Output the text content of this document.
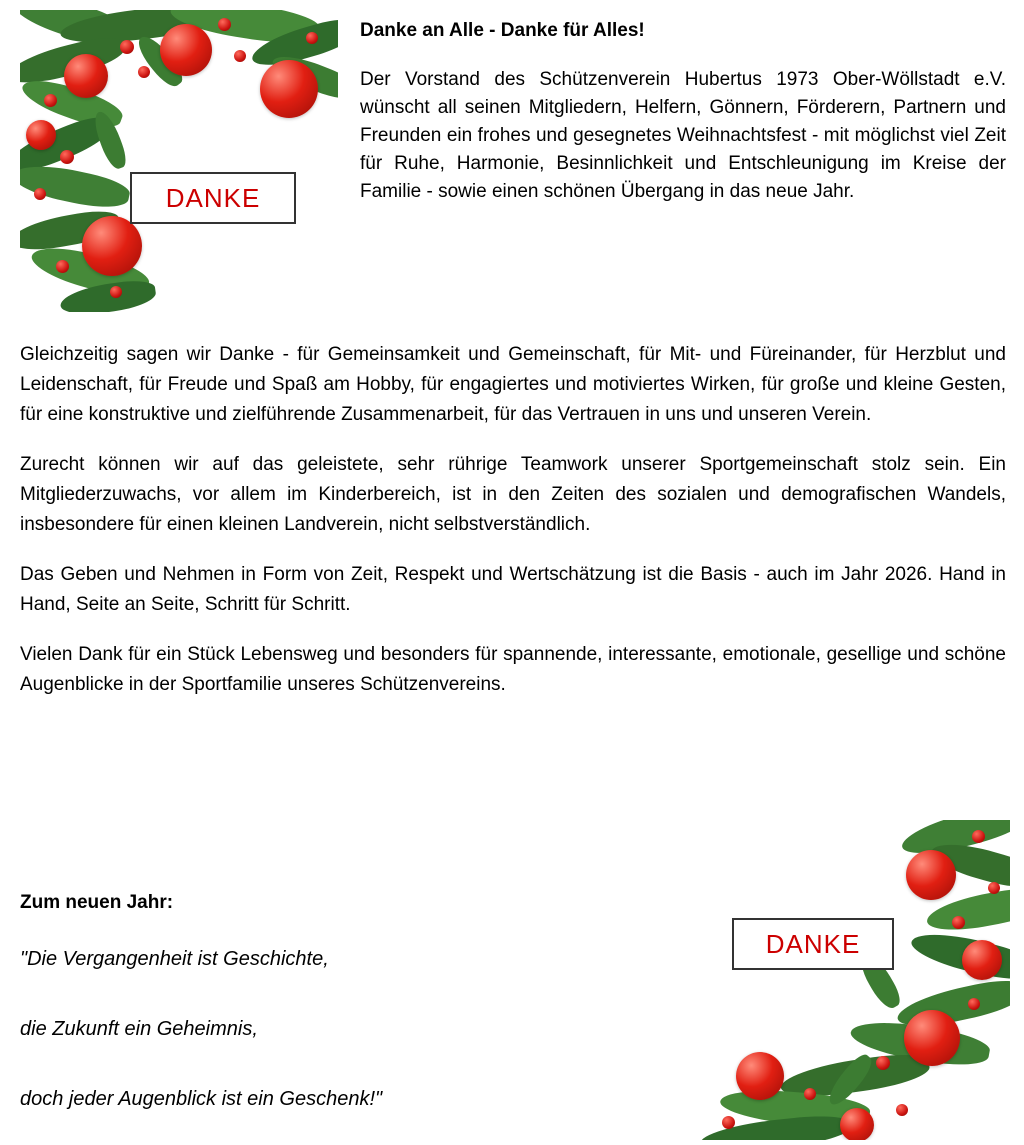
DANKE

Danke an Alle - Danke für Alles!

Der Vorstand des Schützenverein Hubertus 1973 Ober-Wöllstadt e.V. wünscht all seinen Mitgliedern, Helfern, Gönnern, Förderern, Partnern und Freunden ein frohes und gesegnetes Weihnachtsfest - mit möglichst viel Zeit für Ruhe, Harmonie, Besinnlichkeit und Entschleunigung im Kreise der Familie - sowie einen schönen Übergang in das neue Jahr.

Gleichzeitig sagen wir Danke - für Gemeinsamkeit und Gemeinschaft, für Mit- und Füreinander, für Herzblut und Leidenschaft, für Freude und Spaß am Hobby, für engagiertes und motiviertes Wirken, für große und kleine Gesten, für eine konstruktive und zielführende Zusammenarbeit, für das Vertrauen in uns und unseren Verein.

Zurecht können wir auf das geleistete, sehr rührige Teamwork unserer Sportgemeinschaft stolz sein. Ein Mitgliederzuwachs, vor allem im Kinderbereich, ist in den Zeiten des sozialen und demografischen Wandels, insbesondere für einen kleinen Landverein, nicht selbstverständlich.

Das Geben und Nehmen in Form von Zeit, Respekt und Wertschätzung ist die Basis - auch im Jahr 2026. Hand in Hand, Seite an Seite, Schritt für Schritt.

Vielen Dank für ein Stück Lebensweg und besonders für spannende, interessante, emotionale, gesellige und schöne Augenblicke in der Sportfamilie unseres Schützenvereins.

Zum neuen Jahr:

"Die Vergangenheit ist Geschichte,

die Zukunft ein Geheimnis,

doch jeder Augenblick ist ein Geschenk!"

DANKE
